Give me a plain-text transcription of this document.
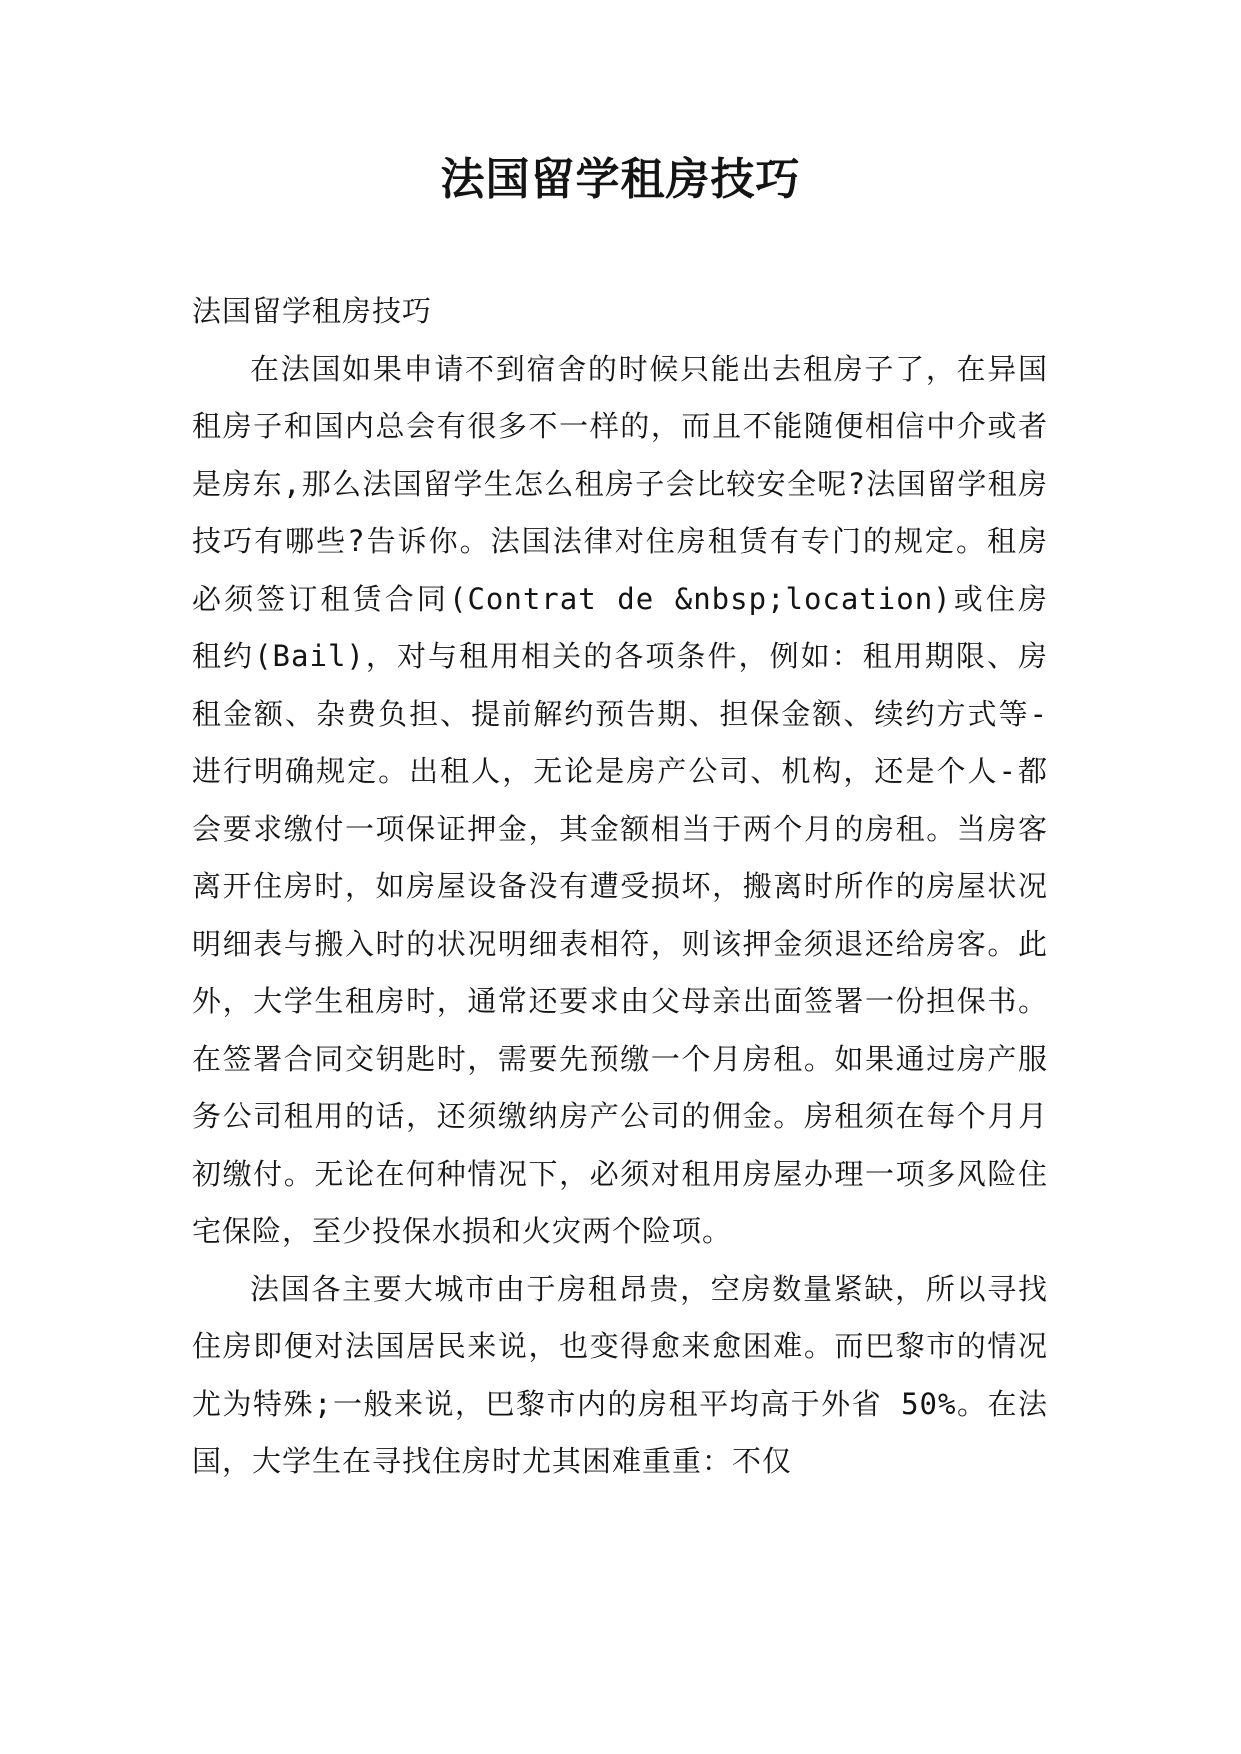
法国留学租房技巧

法国留学租房技巧

在法国如果申请不到宿舍的时候只能出去租房子了，在异国租房子和国内总会有很多不一样的，而且不能随便相信中介或者是房东,那么法国留学生怎么租房子会比较安全呢?法国留学租房技巧有哪些?告诉你。法国法律对住房租赁有专门的规定。租房必须签订租赁合同(Contrat de &nbsp;location)或住房租约(Bail)，对与租用相关的各项条件，例如：租用期限、房租金额、杂费负担、提前解约预告期、担保金额、续约方式等-进行明确规定。出租人，无论是房产公司、机构，还是个人-都会要求缴付一项保证押金，其金额相当于两个月的房租。当房客离开住房时，如房屋设备没有遭受损坏，搬离时所作的房屋状况明细表与搬入时的状况明细表相符，则该押金须退还给房客。此外，大学生租房时，通常还要求由父母亲出面签署一份担保书。在签署合同交钥匙时，需要先预缴一个月房租。如果通过房产服务公司租用的话，还须缴纳房产公司的佣金。房租须在每个月月初缴付。无论在何种情况下，必须对租用房屋办理一项多风险住宅保险，至少投保水损和火灾两个险项。

法国各主要大城市由于房租昂贵，空房数量紧缺，所以寻找住房即便对法国居民来说，也变得愈来愈困难。而巴黎市的情况尤为特殊;一般来说，巴黎市内的房租平均高于外省 50%。在法国，大学生在寻找住房时尤其困难重重：不仅
